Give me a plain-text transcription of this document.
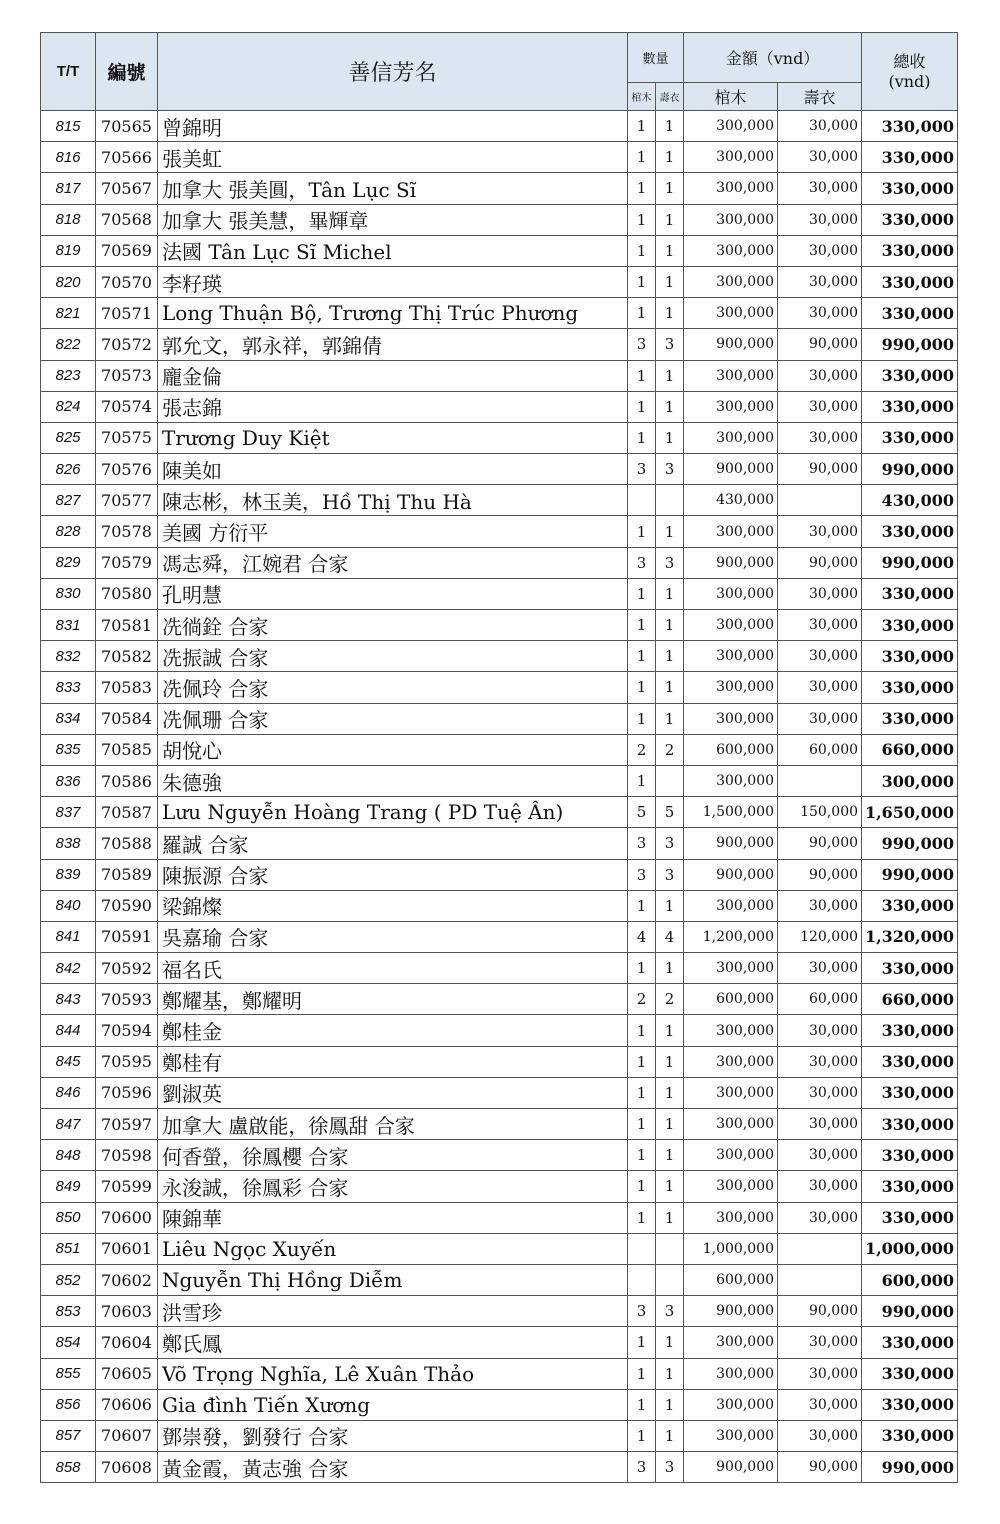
T/T	編號	善信芳名	數量		金額（vnd）		總收
(vnd)

			棺木	壽衣	棺木	壽衣	
815	70565	曾錦明	1	1	300,000	30,000	330,000
816	70566	張美虹	1	1	300,000	30,000	330,000
817	70567	加拿大 張美圓，Tân Lục Sĩ	1	1	300,000	30,000	330,000
818	70568	加拿大 張美慧，畢輝章	1	1	300,000	30,000	330,000
819	70569	法國 Tân Lục Sĩ Michel	1	1	300,000	30,000	330,000
820	70570	李籽瑛	1	1	300,000	30,000	330,000
821	70571	Long Thuận Bộ, Trương Thị Trúc Phương	1	1	300,000	30,000	330,000
822	70572	郭允文，郭永祥，郭錦倩	3	3	900,000	90,000	990,000
823	70573	龐金倫	1	1	300,000	30,000	330,000
824	70574	張志錦	1	1	300,000	30,000	330,000
825	70575	Trương Duy Kiệt	1	1	300,000	30,000	330,000
826	70576	陳美如	3	3	900,000	90,000	990,000
827	70577	陳志彬，林玉美，Hồ Thị Thu Hà			430,000		430,000
828	70578	美國 方衍平	1	1	300,000	30,000	330,000
829	70579	馮志舜，江婉君 合家	3	3	900,000	90,000	990,000
830	70580	孔明慧	1	1	300,000	30,000	330,000
831	70581	冼徜銓 合家	1	1	300,000	30,000	330,000
832	70582	冼振誠 合家	1	1	300,000	30,000	330,000
833	70583	冼佩玲 合家	1	1	300,000	30,000	330,000
834	70584	冼佩珊 合家	1	1	300,000	30,000	330,000
835	70585	胡悅心	2	2	600,000	60,000	660,000
836	70586	朱德強	1		300,000		300,000
837	70587	Lưu Nguyễn Hoàng Trang ( PD Tuệ Ân)	5	5	1,500,000	150,000	1,650,000
838	70588	羅誠 合家	3	3	900,000	90,000	990,000
839	70589	陳振源 合家	3	3	900,000	90,000	990,000
840	70590	梁錦燦	1	1	300,000	30,000	330,000
841	70591	吳嘉瑜 合家	4	4	1,200,000	120,000	1,320,000
842	70592	福名氏	1	1	300,000	30,000	330,000
843	70593	鄭耀基，鄭耀明	2	2	600,000	60,000	660,000
844	70594	鄭桂金	1	1	300,000	30,000	330,000
845	70595	鄭桂有	1	1	300,000	30,000	330,000
846	70596	劉淑英	1	1	300,000	30,000	330,000
847	70597	加拿大 盧啟能，徐鳳甜 合家	1	1	300,000	30,000	330,000
848	70598	何香螢，徐鳳櫻 合家	1	1	300,000	30,000	330,000
849	70599	永浚誠，徐鳳彩 合家	1	1	300,000	30,000	330,000
850	70600	陳錦華	1	1	300,000	30,000	330,000
851	70601	Liêu Ngọc Xuyến			1,000,000		1,000,000
852	70602	Nguyễn Thị Hồng Diễm			600,000		600,000
853	70603	洪雪珍	3	3	900,000	90,000	990,000
854	70604	鄭氏鳳	1	1	300,000	30,000	330,000
855	70605	Võ Trọng Nghĩa, Lê Xuân Thảo	1	1	300,000	30,000	330,000
856	70606	Gia đình Tiến Xương	1	1	300,000	30,000	330,000
857	70607	鄧崇發，劉發行 合家	1	1	300,000	30,000	330,000
858	70608	黃金霞，黃志強 合家	3	3	900,000	90,000	990,000
